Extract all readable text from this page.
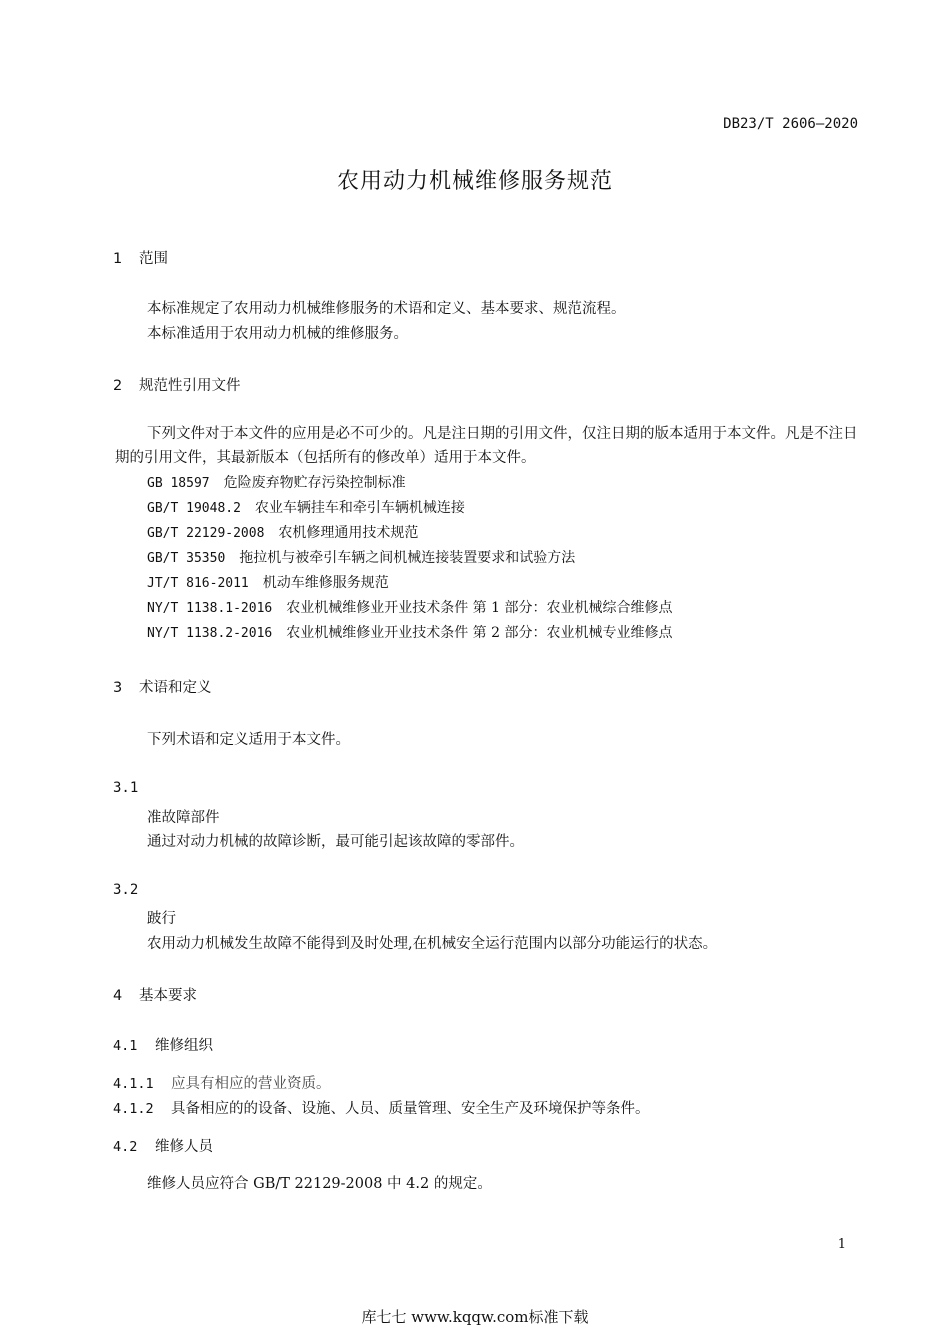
DB23/T 2606—2020
农用动力机械维修服务规范
1 范围
本标准规定了农用动力机械维修服务的术语和定义、基本要求、规范流程。
本标准适用于农用动力机械的维修服务。
2 规范性引用文件
下列文件对于本文件的应用是必不可少的。凡是注日期的引用文件，仅注日期的版本适用于本文件。凡是不注日期的引用文件，其最新版本（包括所有的修改单）适用于本文件。
GB 18597 危险废弃物贮存污染控制标准
GB/T 19048.2 农业车辆挂车和牵引车辆机械连接
GB/T 22129-2008 农机修理通用技术规范
GB/T 35350 拖拉机与被牵引车辆之间机械连接装置要求和试验方法
JT/T 816-2011 机动车维修服务规范
NY/T 1138.1-2016 农业机械维修业开业技术条件 第 1 部分：农业机械综合维修点
NY/T 1138.2-2016 农业机械维修业开业技术条件 第 2 部分：农业机械专业维修点
3 术语和定义
下列术语和定义适用于本文件。
3.1
准故障部件
通过对动力机械的故障诊断，最可能引起该故障的零部件。
3.2
跛行
农用动力机械发生故障不能得到及时处理,在机械安全运行范围内以部分功能运行的状态。
4 基本要求
4.1 维修组织
4.1.1 应具有相应的营业资质。
4.1.2 具备相应的的设备、设施、人员、质量管理、安全生产及环境保护等条件。
4.2 维修人员
维修人员应符合 GB/T 22129-2008 中 4.2 的规定。
1
库七七 www.kqqw.com标准下载
